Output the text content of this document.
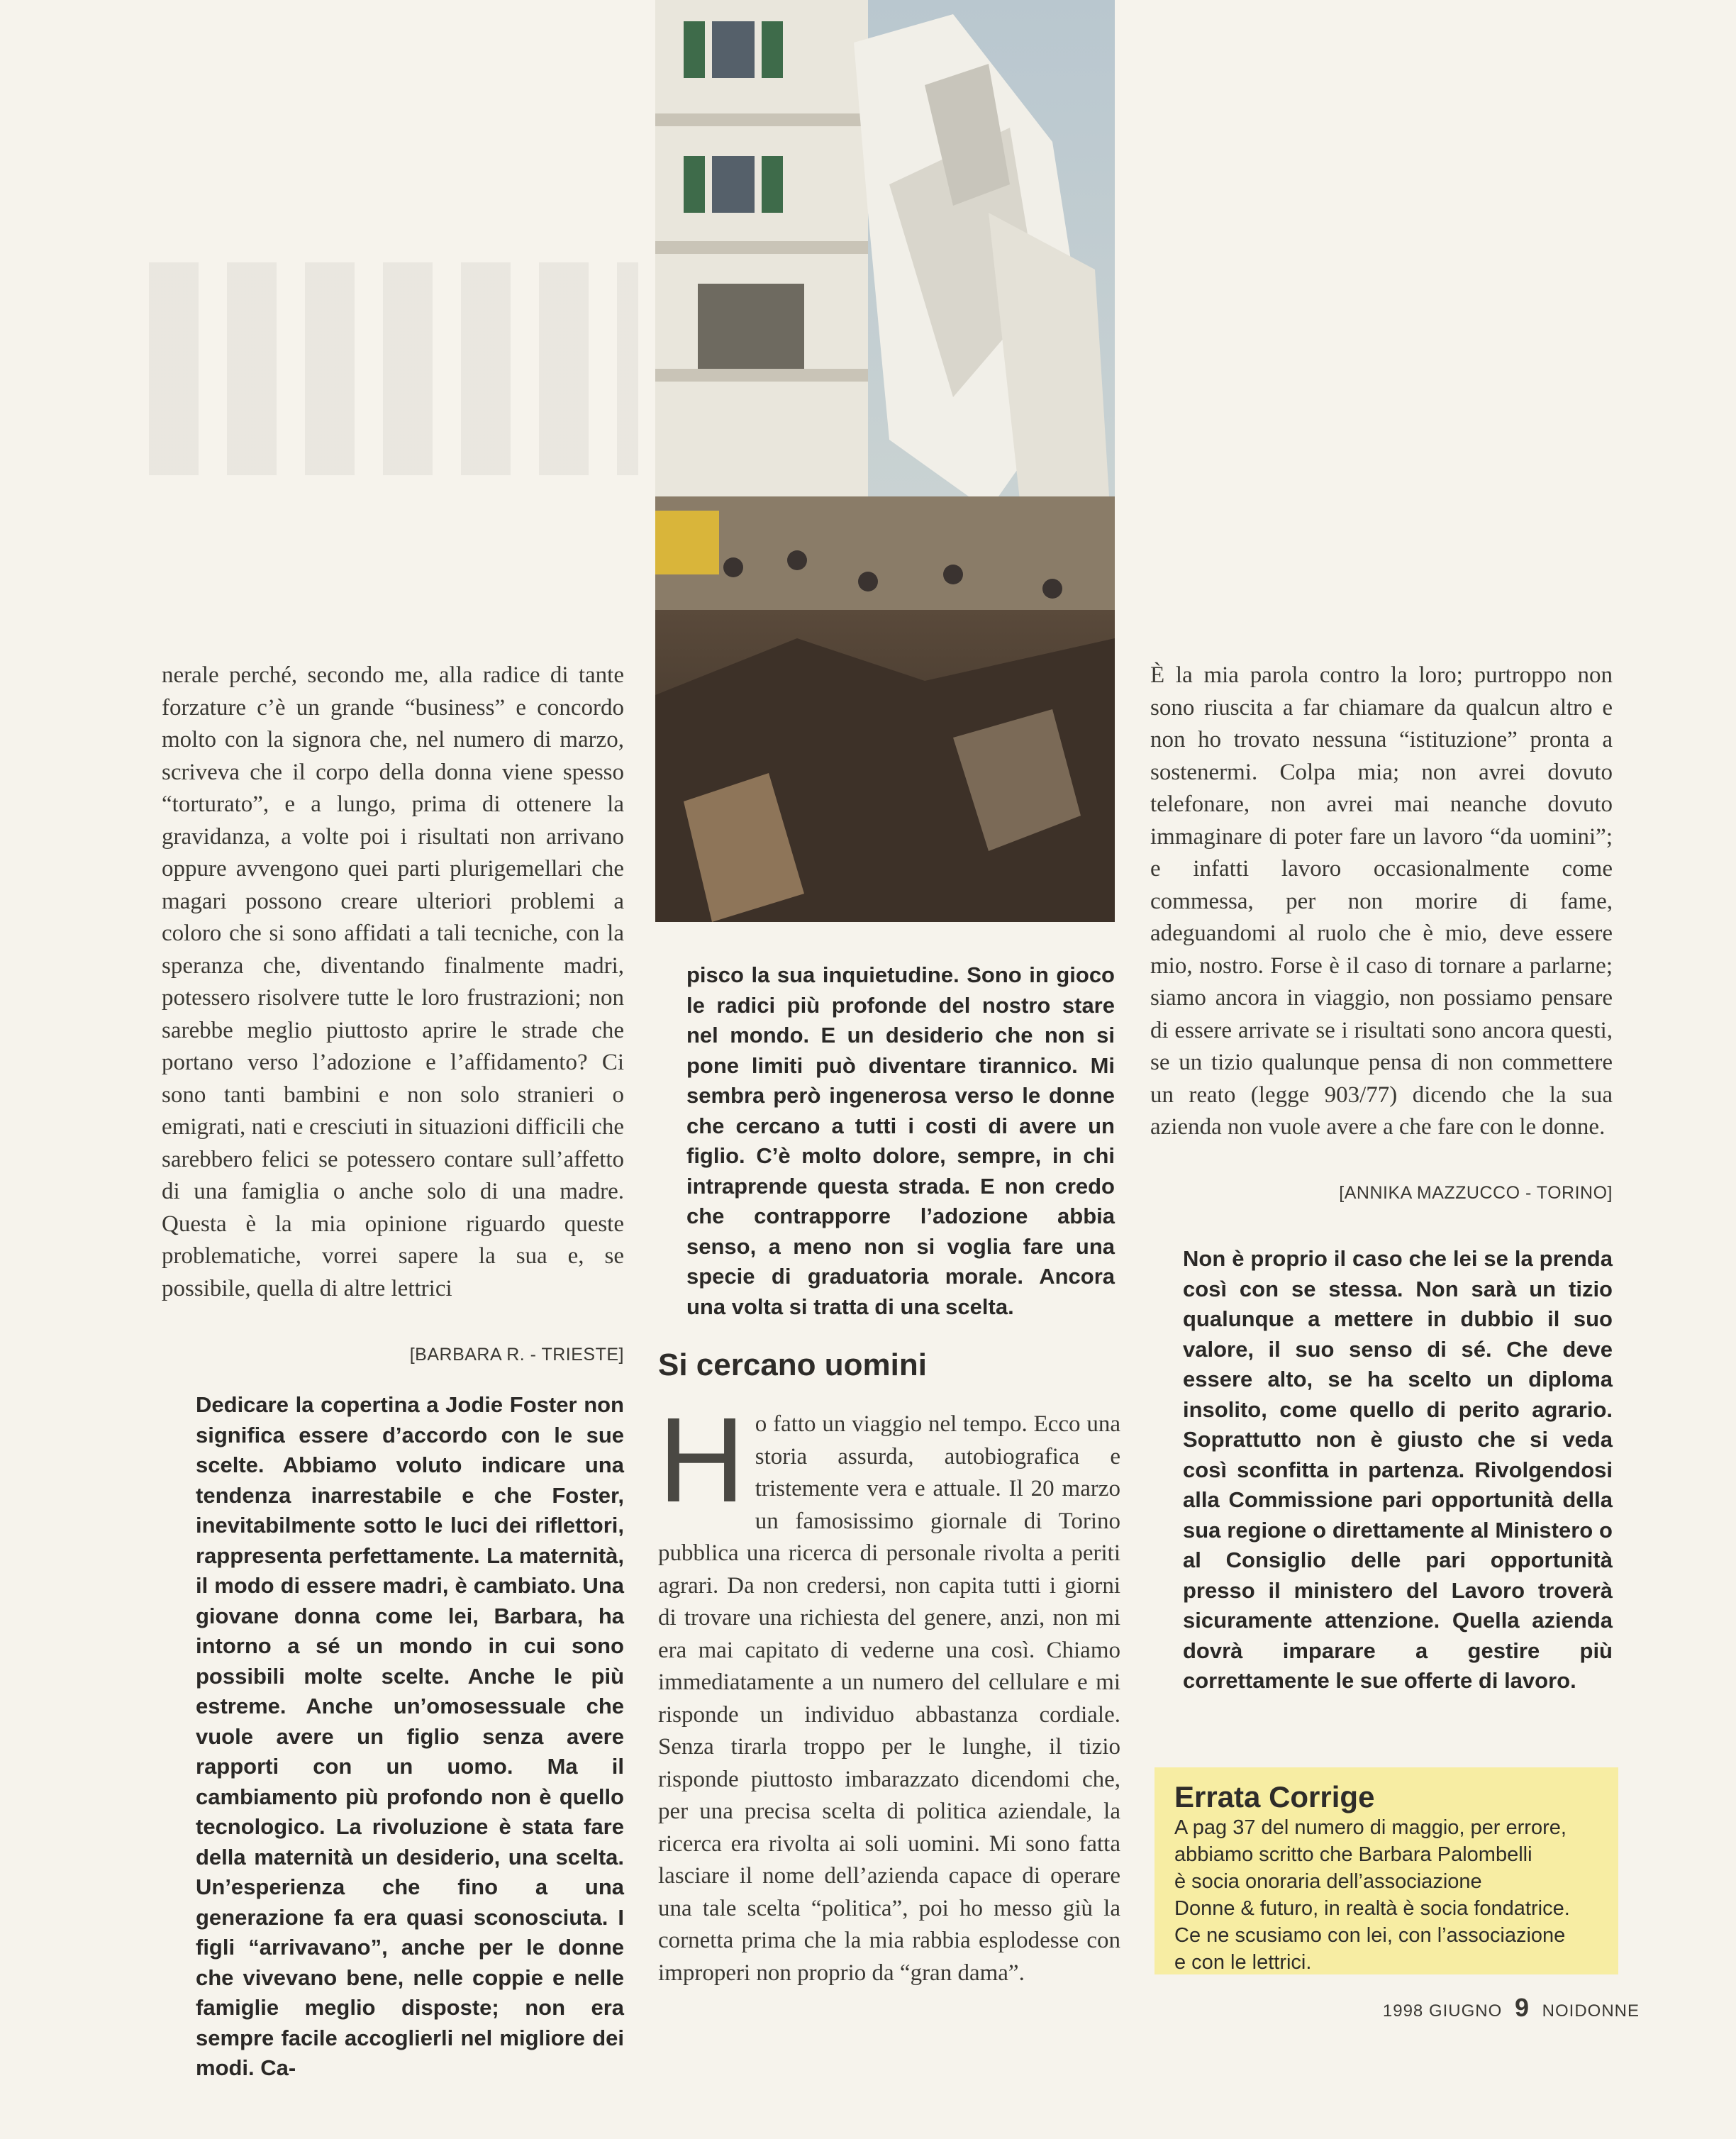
nerale perché, secondo me, alla radice di tante forzature c’è un grande “business” e concordo molto con la signora che, nel numero di marzo, scriveva che il corpo della donna viene spesso “torturato”, e a lungo, prima di ottenere la gravidanza, a volte poi i risultati non arrivano oppure avvengono quei parti plurigemellari che magari possono creare ulteriori problemi a coloro che si sono affidati a tali tecniche, con la speranza che, diventando finalmente madri, potessero risolvere tutte le loro frustrazioni; non sarebbe meglio piuttosto aprire le strade che portano verso l’adozione e l’affidamento? Ci sono tanti bambini e non solo stranieri o emigrati, nati e cresciuti in situazioni difficili che sarebbero felici se potessero contare sull’affetto di una famiglia o anche solo di una madre. Questa è la mia opinione riguardo queste problematiche, vorrei sapere la sua e, se possibile, quella di altre lettrici
[BARBARA R. - TRIESTE]
Dedicare la copertina a Jodie Foster non significa essere d’accordo con le sue scelte. Abbiamo voluto indicare una tendenza inarrestabile e che Foster, inevitabilmente sotto le luci dei riflettori, rappresenta perfettamente. La maternità, il modo di essere madri, è cambiato. Una giovane donna come lei, Barbara, ha intorno a sé un mondo in cui sono possibili molte scelte. Anche le più estreme. Anche un’omosessuale che vuole avere un figlio senza avere rapporti con un uomo. Ma il cambiamento più profondo non è quello tecnologico. La rivoluzione è stata fare della maternità un desiderio, una scelta. Un’esperienza che fino a una generazione fa era quasi sconosciuta. I figli “arrivavano”, anche per le donne che vivevano bene, nelle coppie e nelle famiglie meglio disposte; non era sempre facile accoglierli nel migliore dei modi. Ca-
pisco la sua inquietudine. Sono in gioco le radici più profonde del nostro stare nel mondo. E un desiderio che non si pone limiti può diventare tirannico. Mi sembra però ingenerosa verso le donne che cercano a tutti i costi di avere un figlio. C’è molto dolore, sempre, in chi intraprende questa strada. E non credo che contrapporre l’adozione abbia senso, a meno non si voglia fare una specie di graduatoria morale. Ancora una volta si tratta di una scelta.
Si cercano uomini
H o fatto un viaggio nel tempo. Ecco una storia assurda, autobiografica e tristemente vera e attuale. Il 20 marzo un famosissimo giornale di Torino pubblica una ricerca di personale rivolta a periti agrari. Da non credersi, non capita tutti i giorni di trovare una richiesta del genere, anzi, non mi era mai capitato di vederne una così. Chiamo immediatamente a un numero del cellulare e mi risponde un individuo abbastanza cordiale. Senza tirarla troppo per le lunghe, il tizio risponde piuttosto imbarazzato dicendomi che, per una precisa scelta di politica aziendale, la ricerca era rivolta ai soli uomini. Mi sono fatta lasciare il nome dell’azienda capace di operare una tale scelta “politica”, poi ho messo giù la cornetta prima che la mia rabbia esplodesse con improperi non proprio da “gran dama”.
È la mia parola contro la loro; purtroppo non sono riuscita a far chiamare da qualcun altro e non ho trovato nessuna “istituzione” pronta a sostenermi. Colpa mia; non avrei dovuto telefonare, non avrei mai neanche dovuto immaginare di poter fare un lavoro “da uomini”; e infatti lavoro occasionalmente come commessa, per non morire di fame, adeguandomi al ruolo che è mio, deve essere mio, nostro. Forse è il caso di tornare a parlarne; siamo ancora in viaggio, non possiamo pensare di essere arrivate se i risultati sono ancora questi, se un tizio qualunque pensa di non commettere un reato (legge 903/77) dicendo che la sua azienda non vuole avere a che fare con le donne.
[ANNIKA MAZZUCCO - TORINO]
Non è proprio il caso che lei se la prenda così con se stessa. Non sarà un tizio qualunque a mettere in dubbio il suo valore, il suo senso di sé. Che deve essere alto, se ha scelto un diploma insolito, come quello di perito agrario. Soprattutto non è giusto che si veda così sconfitta in partenza. Rivolgendosi alla Commissione pari opportunità della sua regione o direttamente al Ministero o al Consiglio delle pari opportunità presso il ministero del Lavoro troverà sicuramente attenzione. Quella azienda dovrà imparare a gestire più correttamente le sue offerte di lavoro.
Errata Corrige
A pag 37 del numero di maggio, per errore,
abbiamo scritto che Barbara Palombelli
è socia onoraria dell’associazione
Donne & futuro, in realtà è socia fondatrice.
Ce ne scusiamo con lei, con l’associazione
e con le lettrici.
1998 GIUGNO 9 NOIDONNE
